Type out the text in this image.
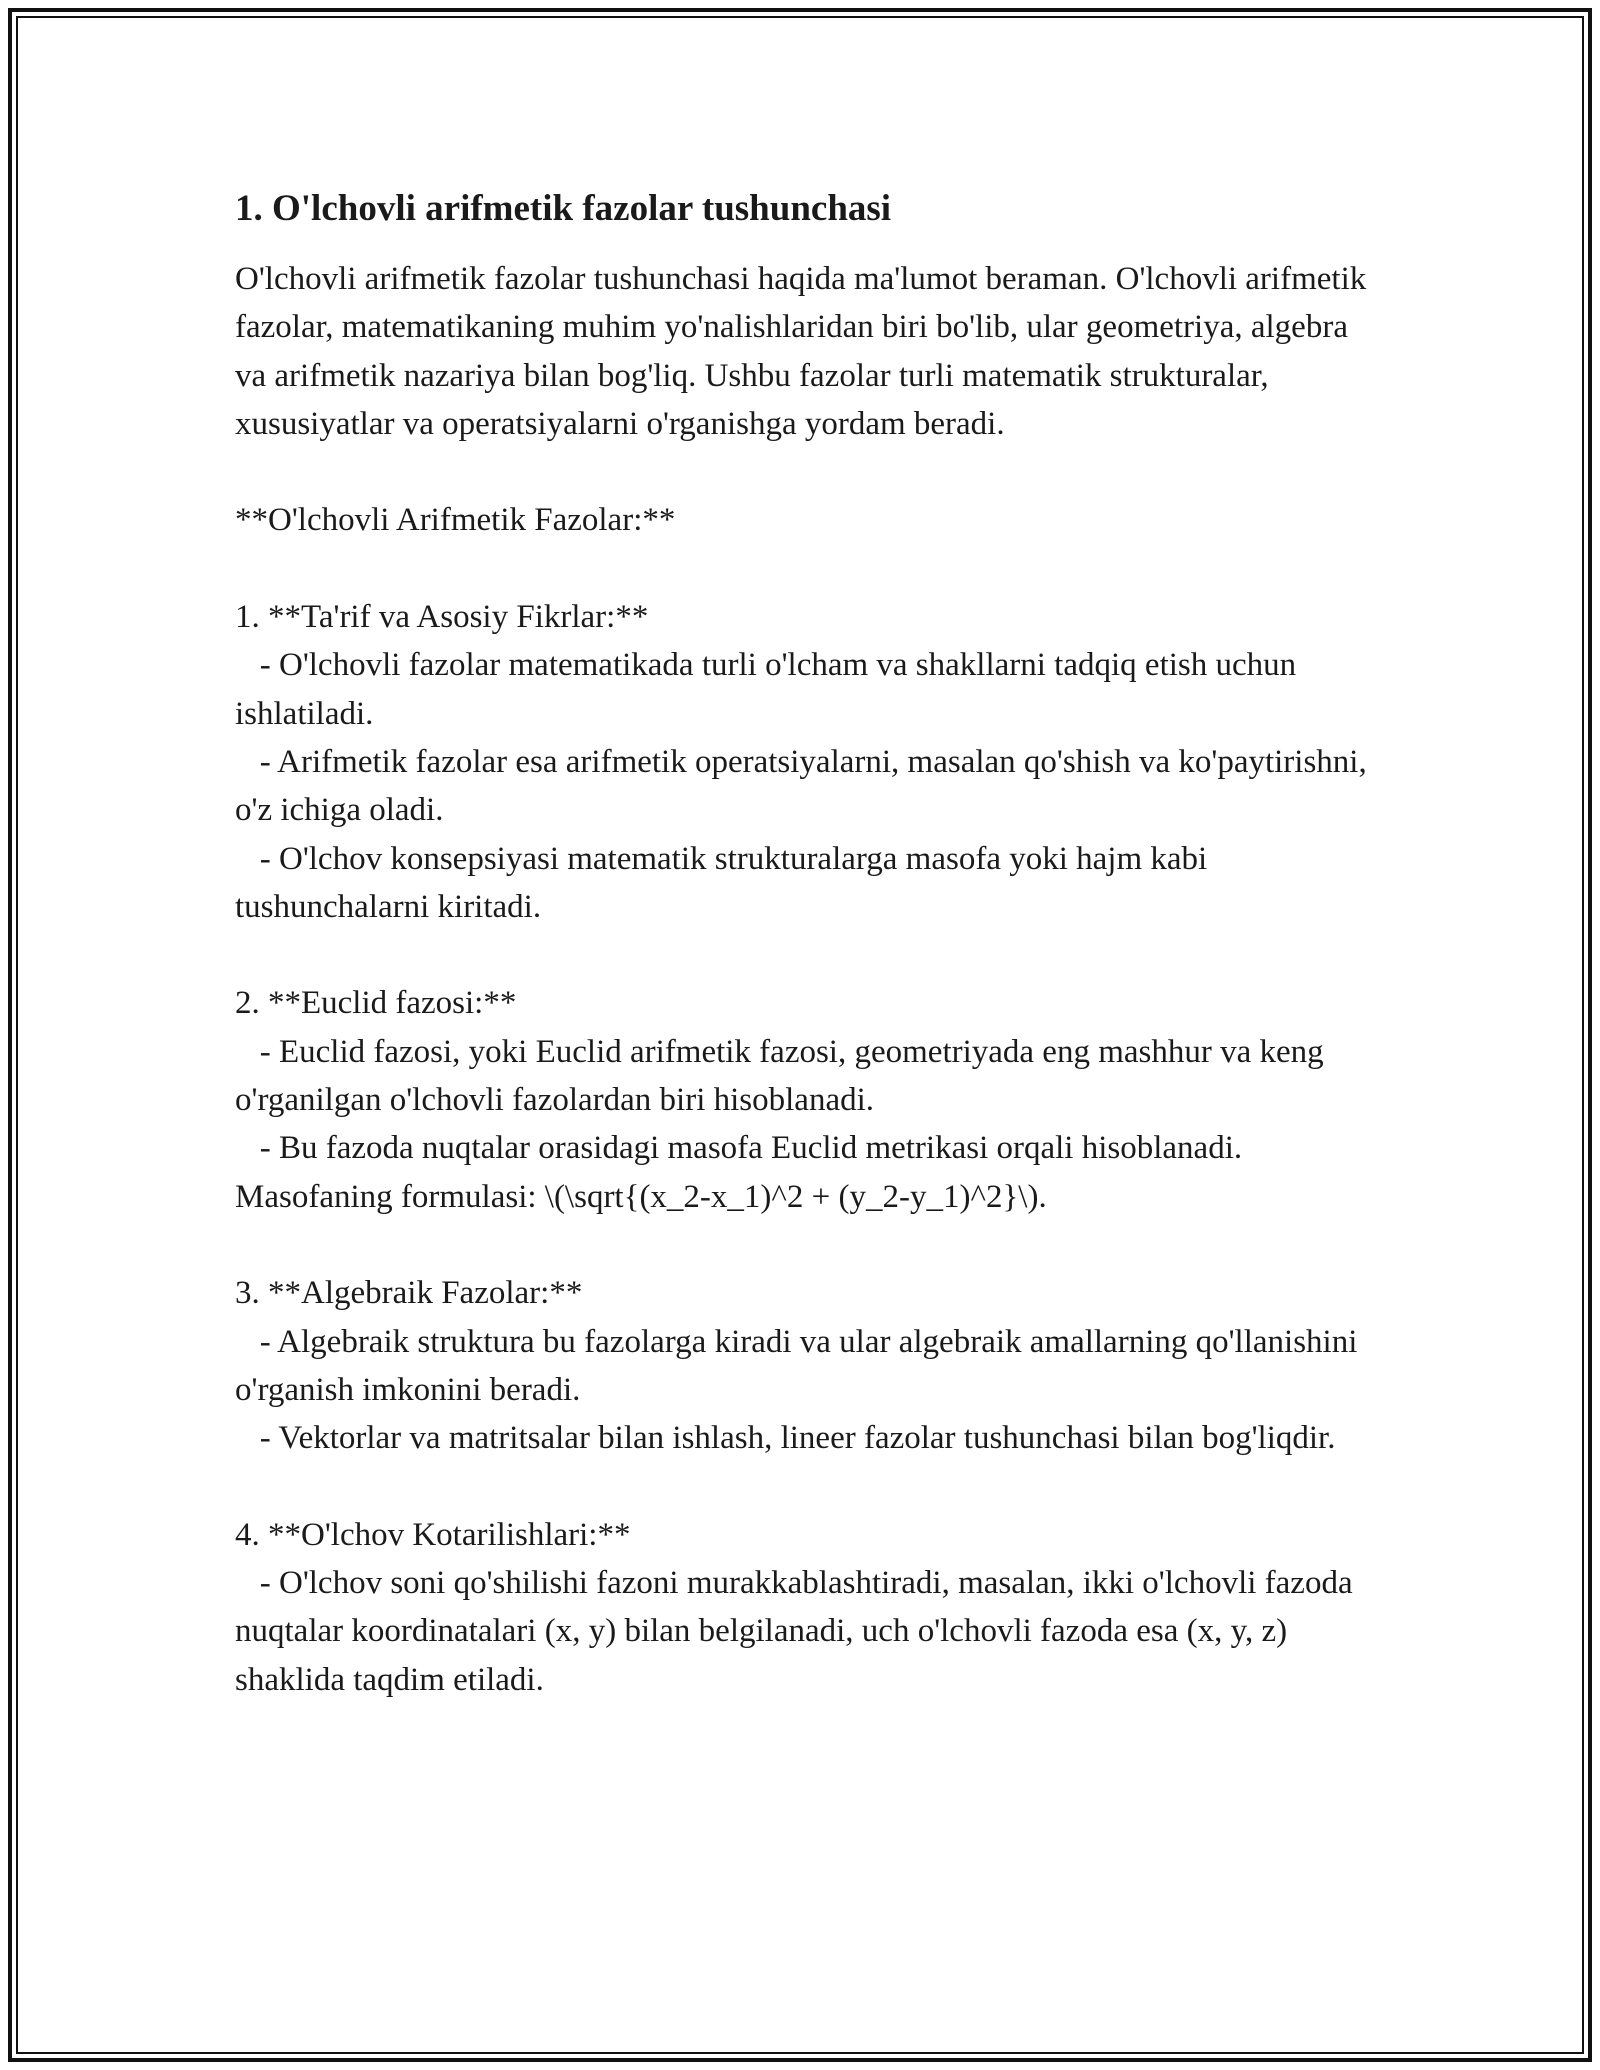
1. O'lchovli arifmetik fazolar tushunchasi

O'lchovli arifmetik fazolar tushunchasi haqida ma'lumot beraman. O'lchovli arifmetik fazolar, matematikaning muhim yo'nalishlaridan biri bo'lib, ular geometriya, algebra va arifmetik nazariya bilan bog'liq. Ushbu fazolar turli matematik strukturalar, xususiyatlar va operatsiyalarni o'rganishga yordam beradi.

**O'lchovli Arifmetik Fazolar:**

1. **Ta'rif va Asosiy Fikrlar:**

- O'lchovli fazolar matematikada turli o'lcham va shakllarni tadqiq etish uchun ishlatiladi.

- Arifmetik fazolar esa arifmetik operatsiyalarni, masalan qo'shish va ko'paytirishni, o'z ichiga oladi.

- O'lchov konsepsiyasi matematik strukturalarga masofa yoki hajm kabi tushunchalarni kiritadi.

2. **Euclid fazosi:**

- Euclid fazosi, yoki Euclid arifmetik fazosi, geometriyada eng mashhur va keng o'rganilgan o'lchovli fazolardan biri hisoblanadi.

- Bu fazoda nuqtalar orasidagi masofa Euclid metrikasi orqali hisoblanadi. Masofaning formulasi: \(\sqrt{(x_2-x_1)^2 + (y_2-y_1)^2}\).

3. **Algebraik Fazolar:**

- Algebraik struktura bu fazolarga kiradi va ular algebraik amallarning qo'llanishini o'rganish imkonini beradi.

- Vektorlar va matritsalar bilan ishlash, lineer fazolar tushunchasi bilan bog'liqdir.

4. **O'lchov Kotarilishlari:**

- O'lchov soni qo'shilishi fazoni murakkablashtiradi, masalan, ikki o'lchovli fazoda nuqtalar koordinatalari (x, y) bilan belgilanadi, uch o'lchovli fazoda esa (x, y, z) shaklida taqdim etiladi.
